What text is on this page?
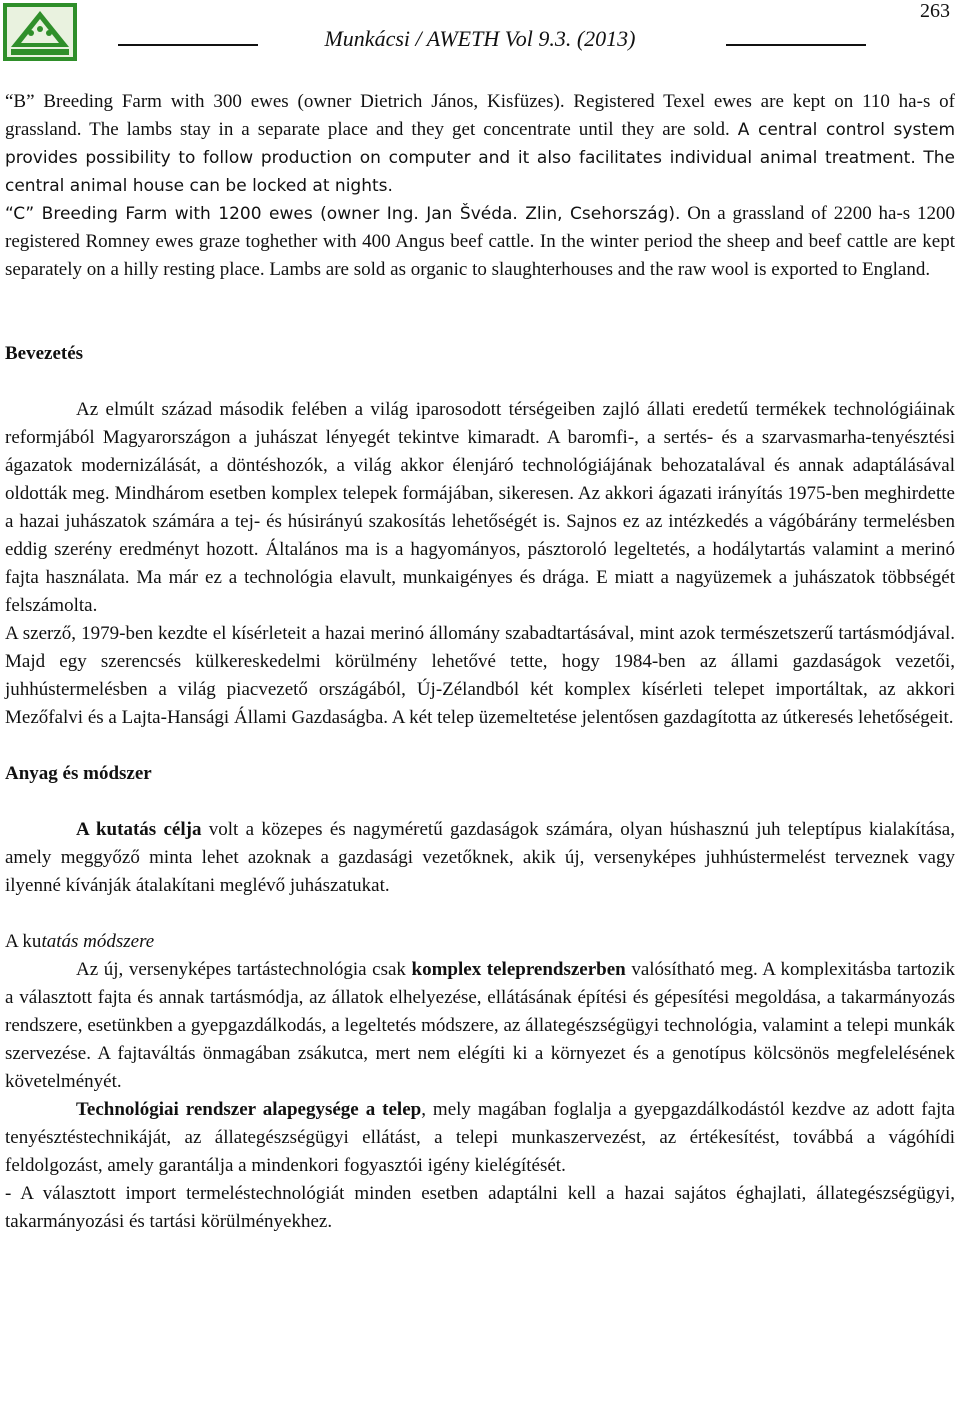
Munkácsi / AWETH Vol 9.3. (2013)
263

“B” Breeding Farm with 300 ewes (owner Dietrich János, Kisfüzes). Registered Texel ewes are kept on 110 ha-s of grassland. The lambs stay in a separate place and they get concentrate until they are sold. A central control system provides possibility to follow production on computer and it also facilitates individual animal treatment. The central animal house can be locked at nights.

“C” Breeding Farm with 1200 ewes (owner Ing. Jan Švéda. Zlin, Csehország). On a grassland of 2200 ha-s 1200 registered Romney ewes graze toghether with 400 Angus beef cattle. In the winter period the sheep and beef cattle are kept separately on a hilly resting place. Lambs are sold as organic to slaughterhouses and the raw wool is exported to England.

Bevezetés

Az elmúlt század második felében a világ iparosodott térségeiben zajló állati eredetű termékek technológiáinak reformjából Magyarországon a juhászat lényegét tekintve kimaradt. A baromfi-, a sertés- és a szarvasmarha-tenyésztési ágazatok modernizálását, a döntéshozók, a világ akkor élenjáró technológiájának behozatalával és annak adaptálásával oldották meg. Mindhárom esetben komplex telepek formájában, sikeresen. Az akkori ágazati irányítás 1975-ben meghirdette a hazai juhászatok számára a tej- és húsirányú szakosítás lehetőségét is. Sajnos ez az intézkedés a vágóbárány termelésben eddig szerény eredményt hozott. Általános ma is a hagyományos, pásztoroló legeltetés, a hodálytartás valamint a merinó fajta használata. Ma már ez a technológia elavult, munkaigényes és drága. E miatt a nagyüzemek a juhászatok többségét felszámolta.

A szerző, 1979-ben kezdte el kísérleteit a hazai merinó állomány szabadtartásával, mint azok természetszerű tartásmódjával. Majd egy szerencsés külkereskedelmi körülmény lehetővé tette, hogy 1984-ben az állami gazdaságok vezetői, juhhústermelésben a világ piacvezető országából, Új-Zélandból két komplex kísérleti telepet importáltak, az akkori Mezőfalvi és a Lajta-Hansági Állami Gazdaságba. A két telep üzemeltetése jelentősen gazdagította az útkeresés lehetőségeit.

Anyag és módszer

A kutatás célja volt a közepes és nagyméretű gazdaságok számára, olyan húshasznú juh teleptípus kialakítása, amely meggyőző minta lehet azoknak a gazdasági vezetőknek, akik új, versenyképes juhhústermelést terveznek vagy ilyenné kívánják átalakítani meglévő juhászatukat.

A kutatás módszere

Az új, versenyképes tartástechnológia csak komplex teleprendszerben valósítható meg. A komplexitásba tartozik a választott fajta és annak tartásmódja, az állatok elhelyezése, ellátásának építési és gépesítési megoldása, a takarmányozás rendszere, esetünkben a gyepgazdálkodás, a legeltetés módszere, az állategészségügyi technológia, valamint a telepi munkák szervezése. A fajtaváltás önmagában zsákutca, mert nem elégíti ki a környezet és a genotípus kölcsönös megfelelésének követelményét.

Technológiai rendszer alapegysége a telep, mely magában foglalja a gyepgazdálkodástól kezdve az adott fajta tenyésztéstechnikáját, az állategészségügyi ellátást, a telepi munkaszervezést, az értékesítést, továbbá a vágóhídi feldolgozást, amely garantálja a mindenkori fogyasztói igény kielégítését.

- A választott import termeléstechnológiát minden esetben adaptálni kell a hazai sajátos éghajlati, állategészségügyi, takarmányozási és tartási körülményekhez.
